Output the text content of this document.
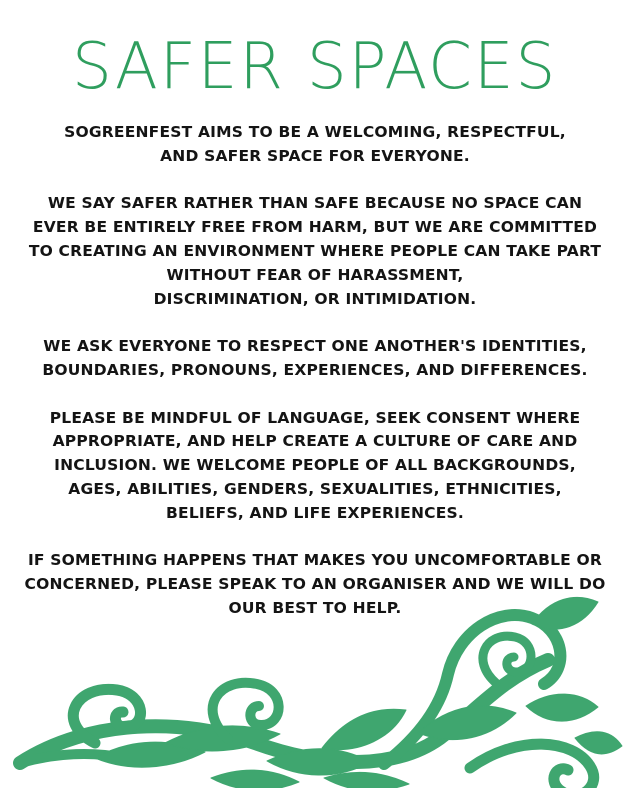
SAFER SPACES
SOGREENFEST AIMS TO BE A WELCOMING, RESPECTFUL,
AND SAFER SPACE FOR EVERYONE.
WE SAY SAFER RATHER THAN SAFE BECAUSE NO SPACE CAN
EVER BE ENTIRELY FREE FROM HARM, BUT WE ARE COMMITTED
TO CREATING AN ENVIRONMENT WHERE PEOPLE CAN TAKE PART
WITHOUT FEAR OF HARASSMENT,
DISCRIMINATION, OR INTIMIDATION.
WE ASK EVERYONE TO RESPECT ONE ANOTHER'S IDENTITIES,
BOUNDARIES, PRONOUNS, EXPERIENCES, AND DIFFERENCES.
PLEASE BE MINDFUL OF LANGUAGE, SEEK CONSENT WHERE
APPROPRIATE, AND HELP CREATE A CULTURE OF CARE AND
INCLUSION. WE WELCOME PEOPLE OF ALL BACKGROUNDS,
AGES, ABILITIES, GENDERS, SEXUALITIES, ETHNICITIES,
BELIEFS, AND LIFE EXPERIENCES.
IF SOMETHING HAPPENS THAT MAKES YOU UNCOMFORTABLE OR
CONCERNED, PLEASE SPEAK TO AN ORGANISER AND WE WILL DO
OUR BEST TO HELP.
